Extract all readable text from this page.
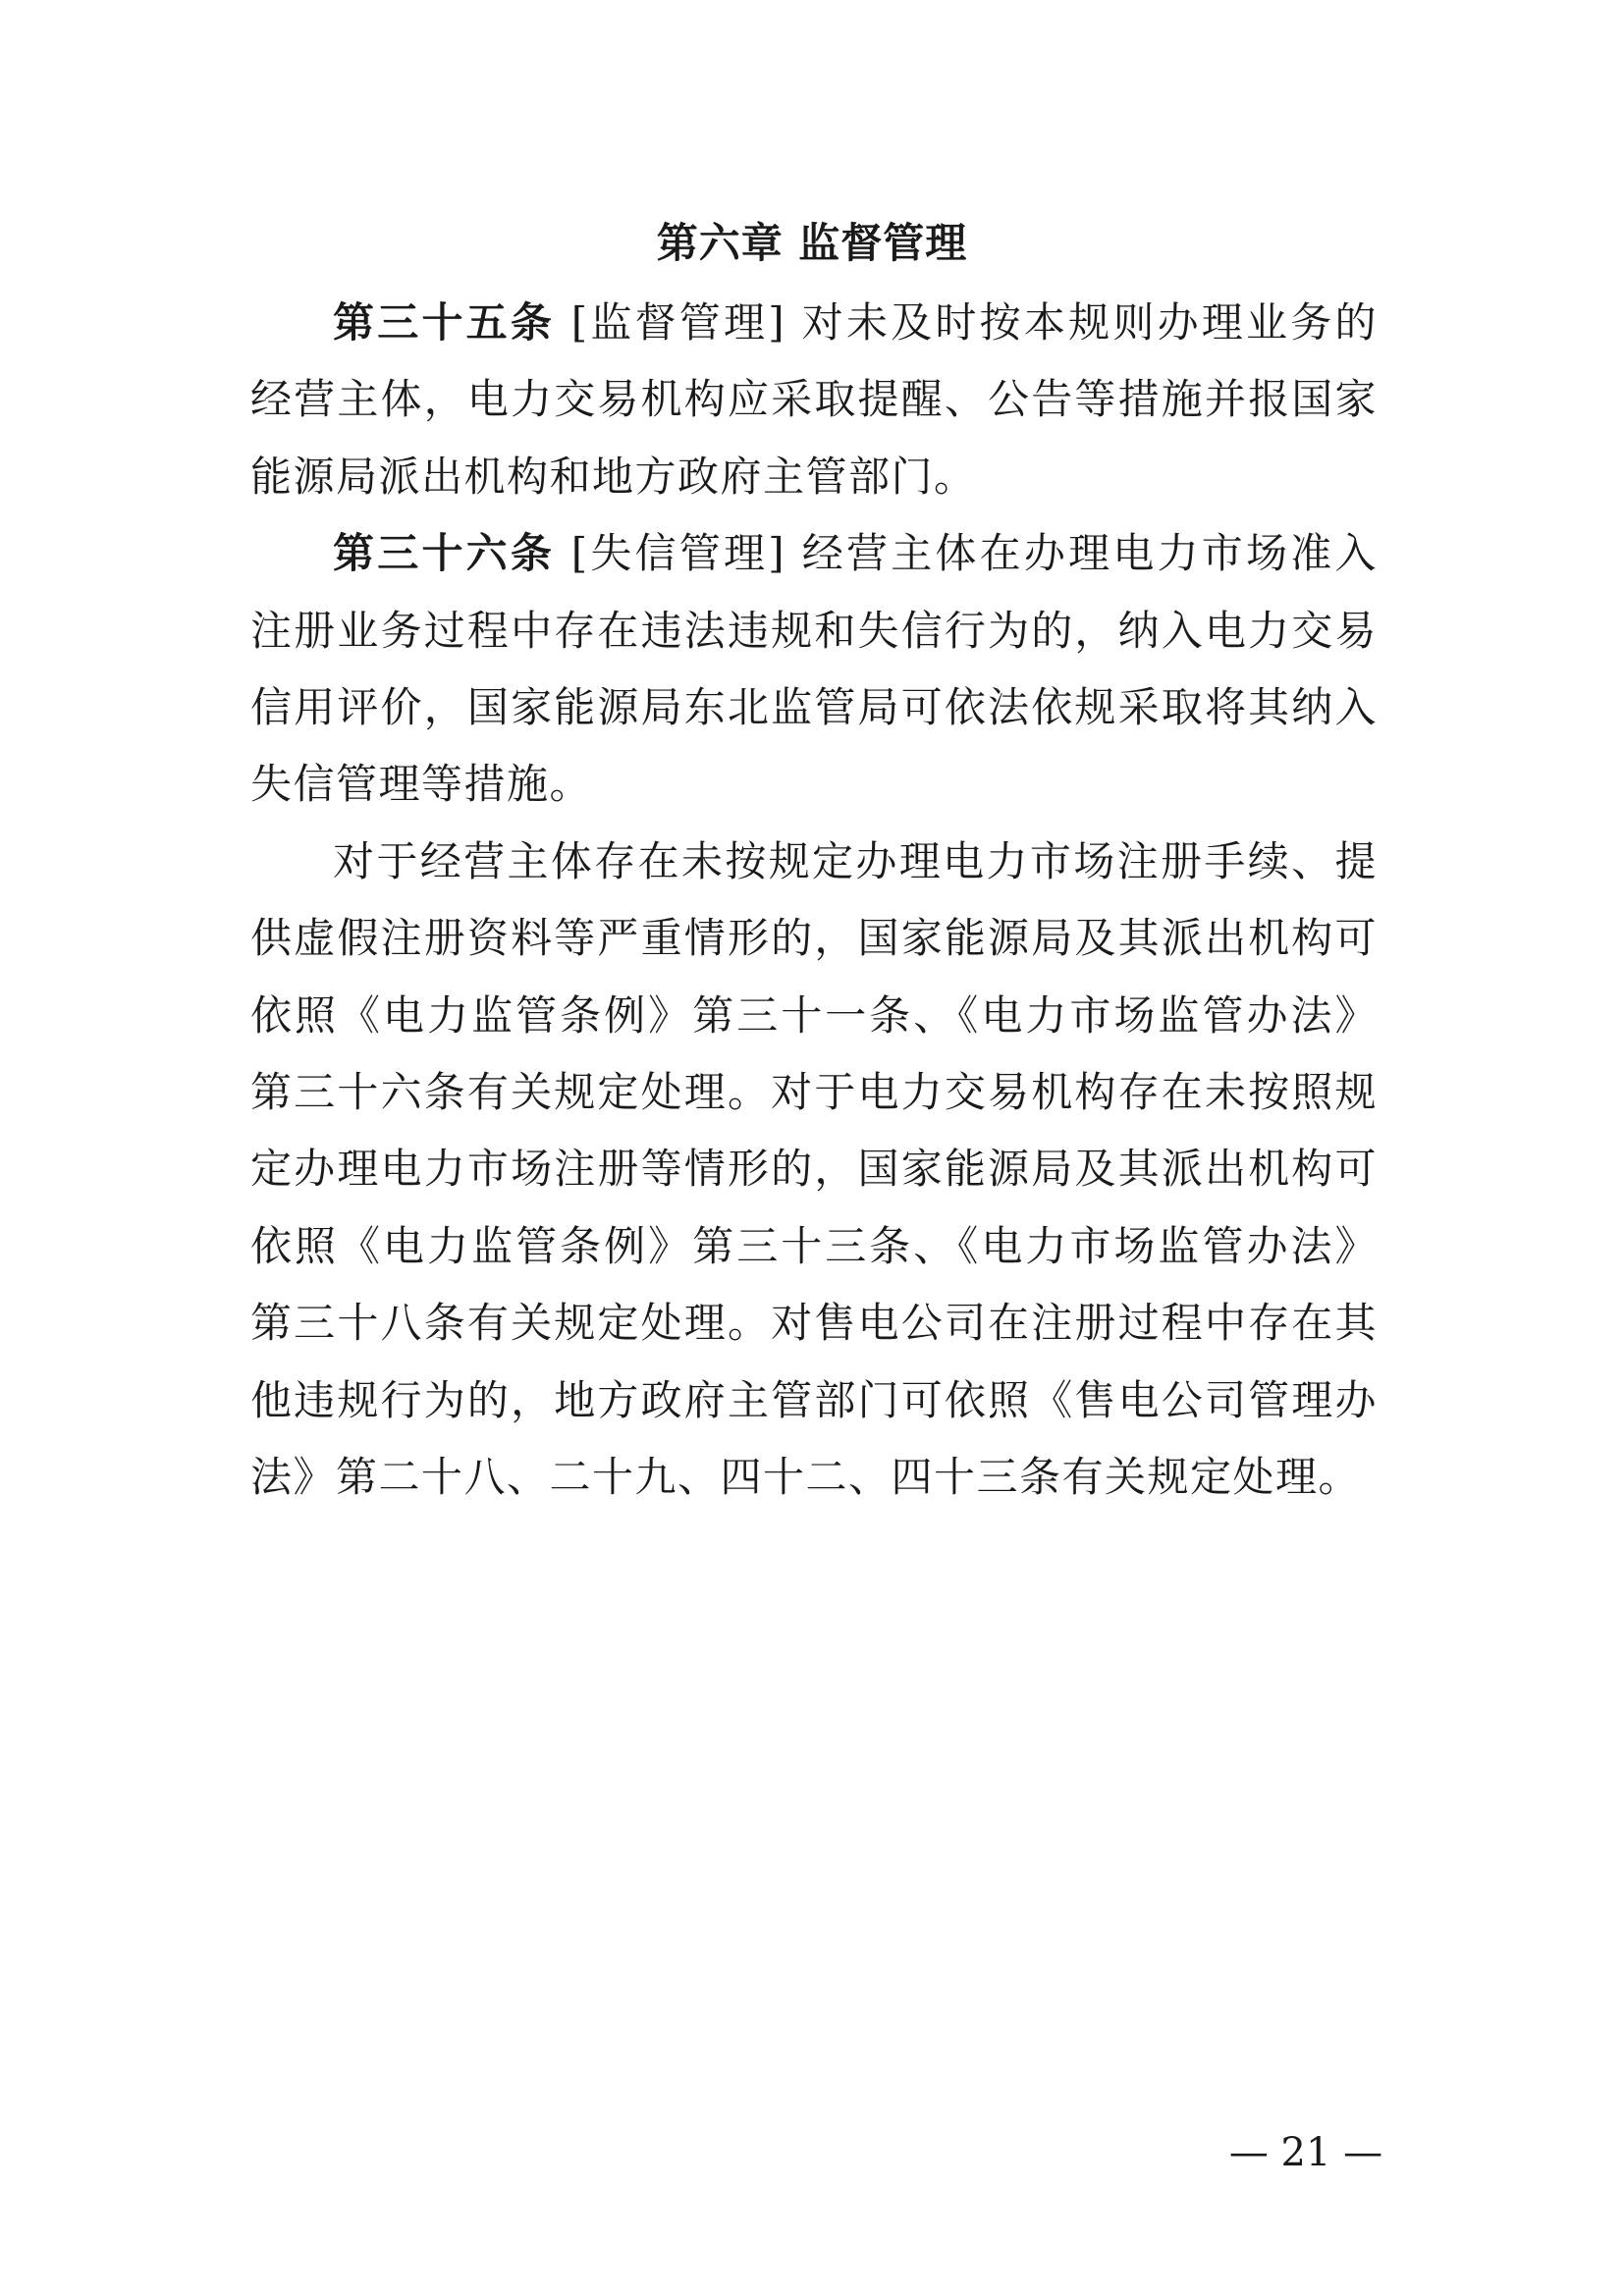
第六章 监督管理

第三十五条 [监督管理] 对未及时按本规则办理业务的经营主体，电力交易机构应采取提醒、公告等措施并报国家能源局派出机构和地方政府主管部门。

第三十六条 [失信管理] 经营主体在办理电力市场准入注册业务过程中存在违法违规和失信行为的，纳入电力交易信用评价，国家能源局东北监管局可依法依规采取将其纳入失信管理等措施。

对于经营主体存在未按规定办理电力市场注册手续、提供虚假注册资料等严重情形的，国家能源局及其派出机构可依照《电力监管条例》第三十一条、《电力市场监管办法》第三十六条有关规定处理。对于电力交易机构存在未按照规定办理电力市场注册等情形的，国家能源局及其派出机构可依照《电力监管条例》第三十三条、《电力市场监管办法》第三十八条有关规定处理。对售电公司在注册过程中存在其他违规行为的，地方政府主管部门可依照《售电公司管理办法》第二十八、二十九、四十二、四十三条有关规定处理。

— 21 —
